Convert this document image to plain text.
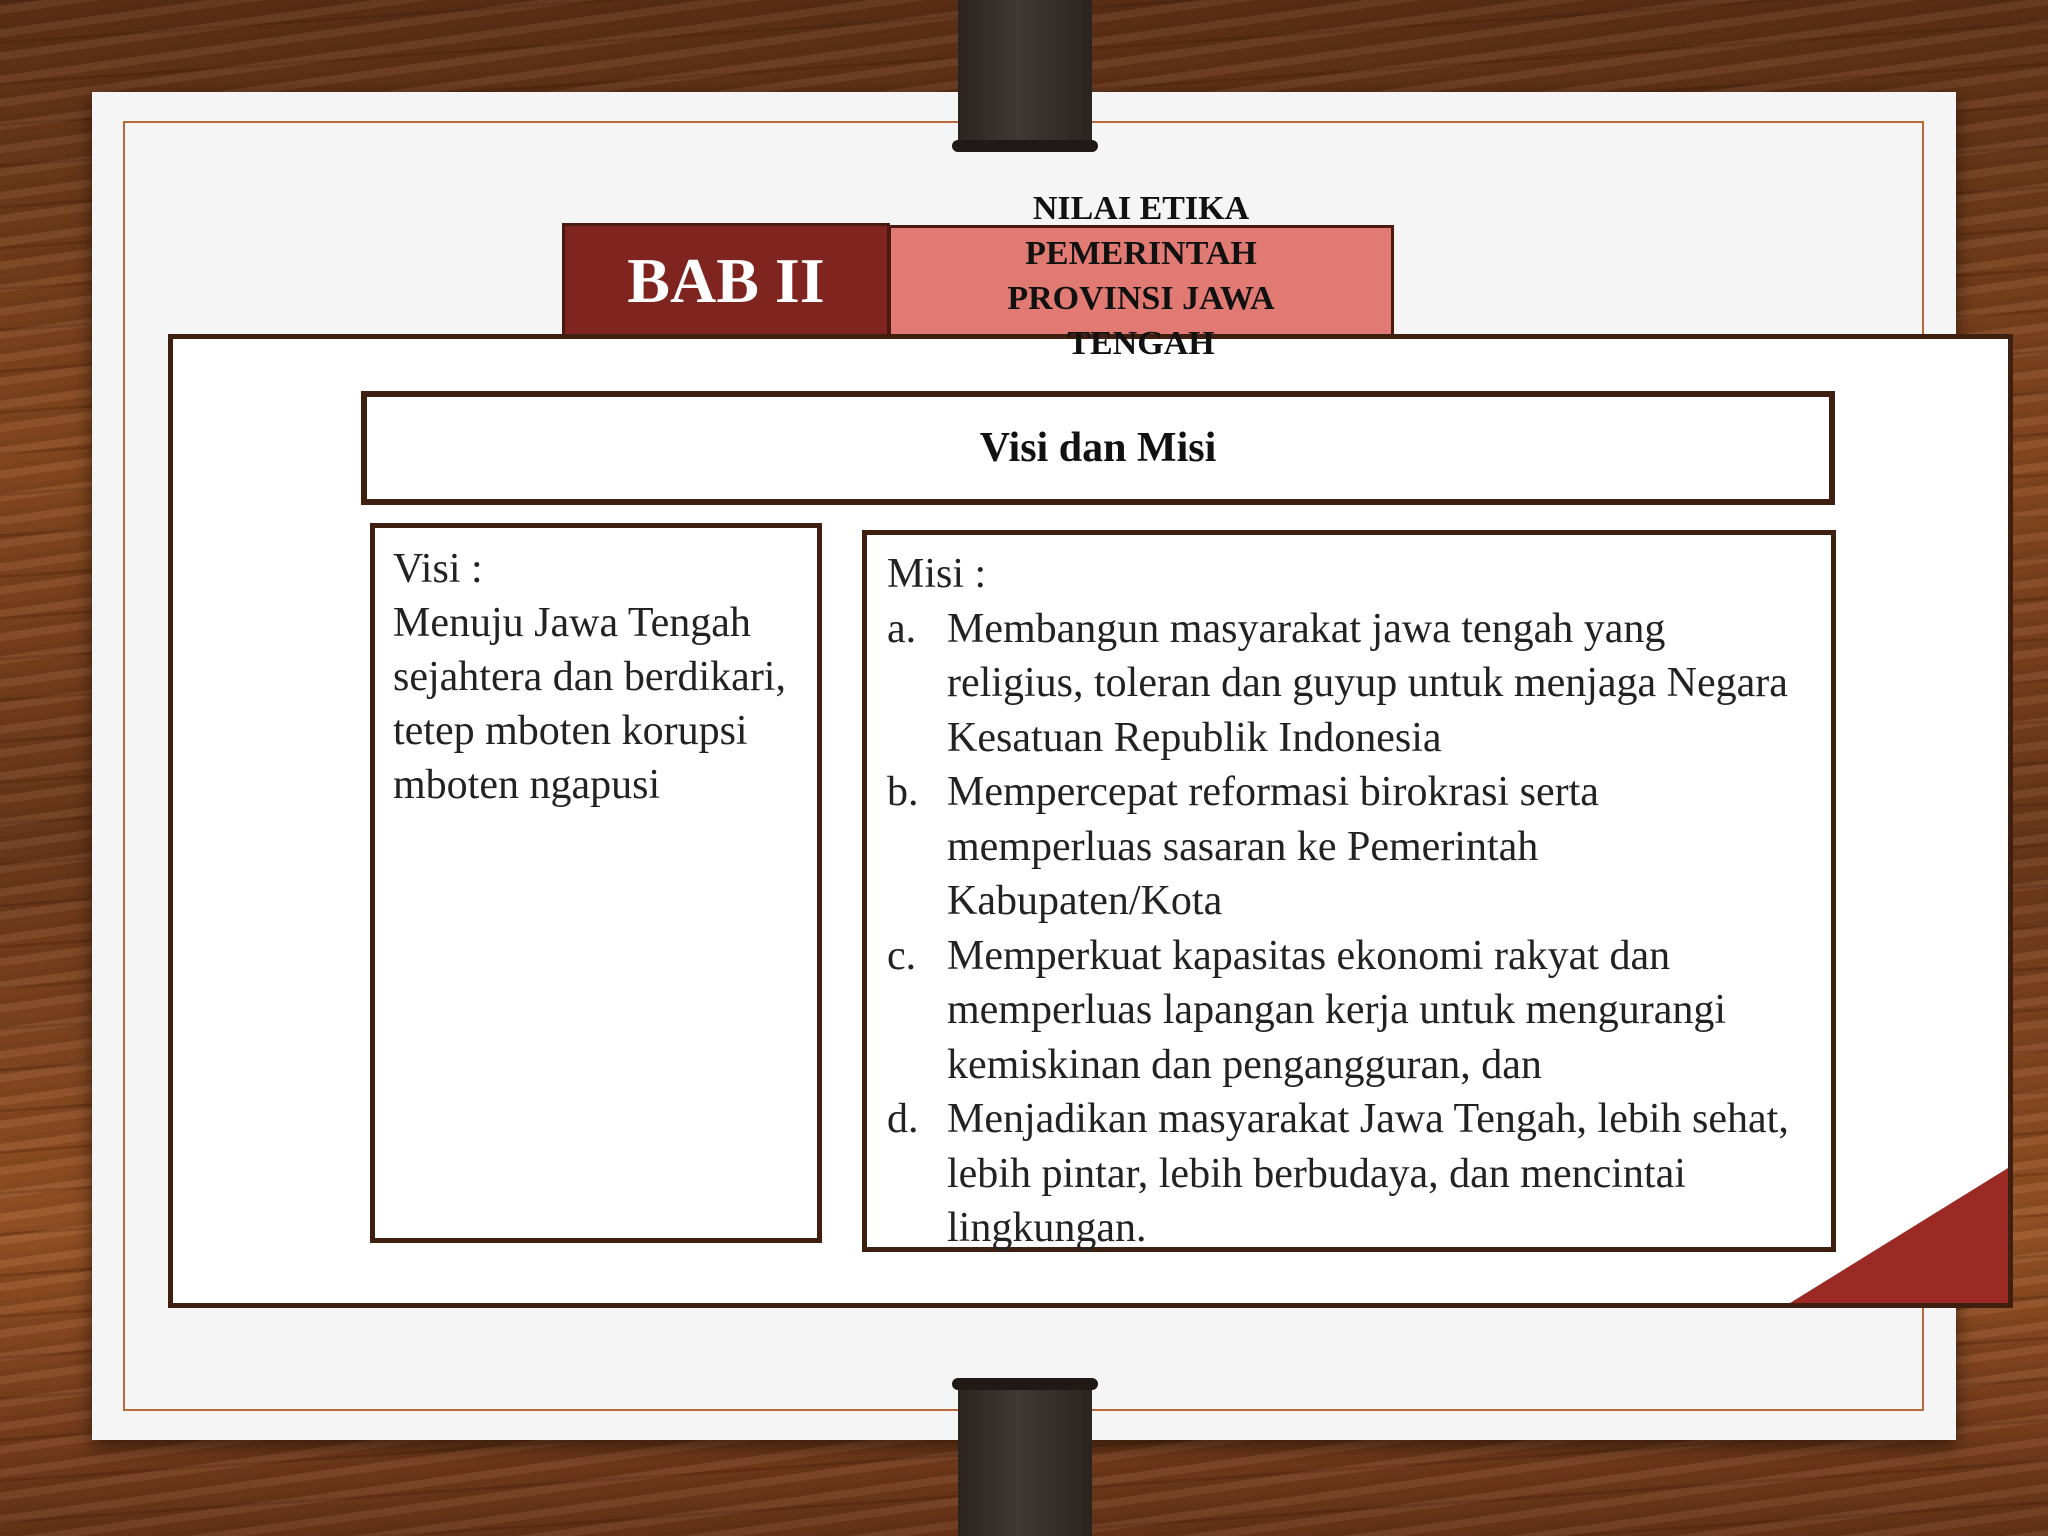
BAB II
NILAI ETIKA
PEMERINTAH
PROVINSI JAWA
TENGAH
Visi dan Misi

Visi :

Menuju Jawa Tengah sejahtera dan berdikari, tetep mboten korupsi mboten ngapusi

Misi :

a. Membangun masyarakat jawa tengah yang religius, toleran dan guyup untuk menjaga Negara Kesatuan Republik Indonesia
b. Mempercepat reformasi birokrasi serta memperluas sasaran ke Pemerintah Kabupaten/Kota
c. Memperkuat kapasitas ekonomi rakyat dan memperluas lapangan kerja untuk mengurangi kemiskinan dan pengangguran, dan
d. Menjadikan masyarakat Jawa Tengah, lebih sehat, lebih pintar, lebih berbudaya, dan mencintai lingkungan.
